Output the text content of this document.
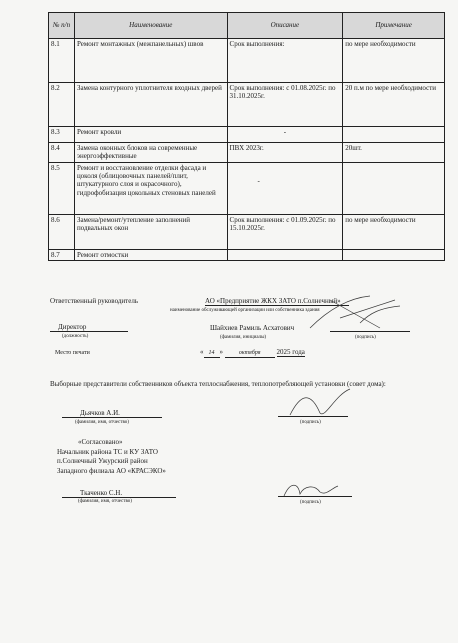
№ п/п	Наименование	Описание	Примечание
8.1	Ремонт монтажных (межпанельных) швов	Срок выполнения:	по мере необходимости
8.2	Замена контурного уплотнителя входных дверей	Срок выполнения: с 01.08.2025г. по 31.10.2025г.	20 п.м по мере необходимости
8.3	Ремонт кровли	-	
8.4	Замена оконных блоков на современные энергоэффективные	ПВХ 2023г.	20шт.
8.5	Ремонт и восстановление отделки фасада и цоколя (облицовочных панелей/плит, штукатурного слоя и окрасочного), гидрофобизация цокольных стеновых панелей	-	
8.6	Замена/ремонт/утепление заполнений подвальных окон	Срок выполнения: с 01.09.2025г. по 15.10.2025г.	по мере необходимости
8.7	Ремонт отмостки		
Ответственный руководитель	АО «Предприятие ЖКХ ЗАТО п.Солнечный»
наименование обслуживающей организации или собственника здания
Директор
(должность)
Шайхиев Рамиль Асхатович
(фамилия, инициалы)	(подпись)
Место печати	« 14 »	октября 2025 года
Выборные представители собственников объекта теплоснабжения, теплопотребляющей установки (совет дома):
Дьячков А.И.
(фамилия, имя, отчество)	(подпись)
«Согласовано»
Начальник района ТС и КУ ЗАТО
п.Солнечный Ужурский район
Западного филиала АО «КРАСЭКО»
Ткаченко С.Н.
(фамилия, имя, отчество)	(подпись)
